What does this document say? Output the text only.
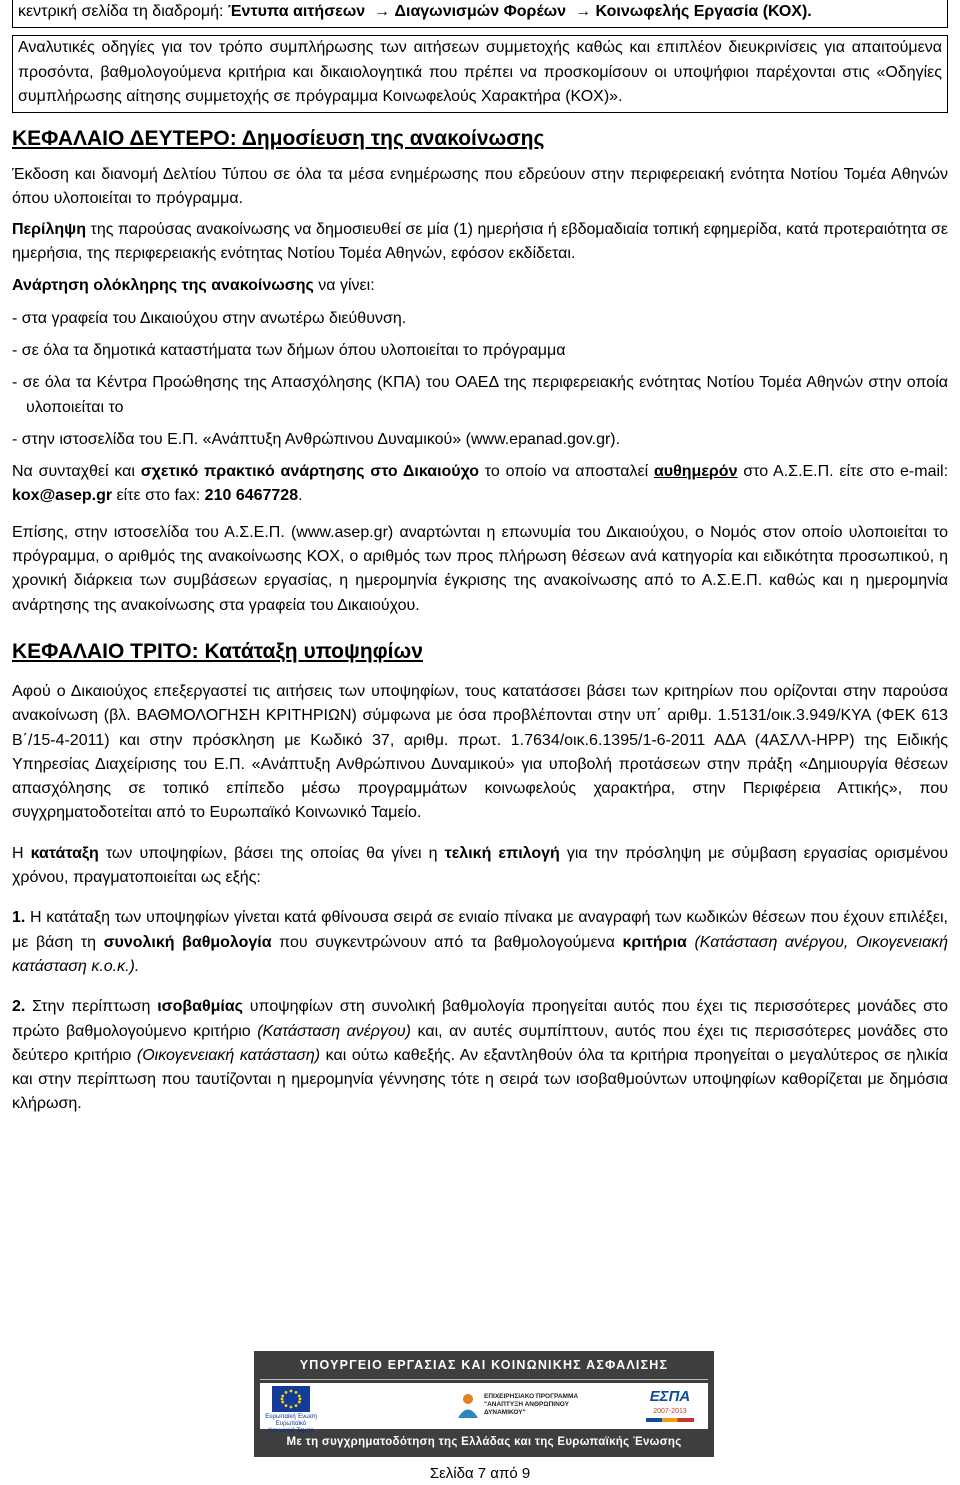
κεντρική σελίδα τη διαδρομή: Έντυπα αιτήσεων → Διαγωνισμών Φορέων → Κοινωφελής Εργασία (ΚΟΧ).

Αναλυτικές οδηγίες για τον τρόπο συμπλήρωσης των αιτήσεων συμμετοχής καθώς και επιπλέον διευκρινίσεις για απαιτούμενα προσόντα, βαθμολογούμενα κριτήρια και δικαιολογητικά που πρέπει να προσκομίσουν οι υποψήφιοι παρέχονται στις «Οδηγίες συμπλήρωσης αίτησης συμμετοχής σε πρόγραμμα Κοινωφελούς Χαρακτήρα (ΚΟΧ)».

ΚΕΦΑΛΑΙΟ ΔΕΥΤΕΡΟ: Δημοσίευση της ανακοίνωσης

Έκδοση και διανομή Δελτίου Τύπου σε όλα τα μέσα ενημέρωσης που εδρεύουν στην περιφερειακή ενότητα Νοτίου Τομέα Αθηνών όπου υλοποιείται το πρόγραμμα.

Περίληψη της παρούσας ανακοίνωσης να δημοσιευθεί σε μία (1) ημερήσια ή εβδομαδιαία τοπική εφημερίδα, κατά προτεραιότητα σε ημερήσια, της περιφερειακής ενότητας Νοτίου Τομέα Αθηνών, εφόσον εκδίδεται.

Ανάρτηση ολόκληρης της ανακοίνωσης να γίνει:

- στα γραφεία του Δικαιούχου στην ανωτέρω διεύθυνση.

- σε όλα τα δημοτικά καταστήματα των δήμων όπου υλοποιείται το πρόγραμμα

- σε όλα τα Κέντρα Προώθησης της Απασχόλησης (ΚΠΑ) του ΟΑΕΔ της περιφερειακής ενότητας Νοτίου Τομέα Αθηνών στην οποία υλοποιείται το

- στην ιστοσελίδα του Ε.Π. «Ανάπτυξη Ανθρώπινου Δυναμικού» (www.epanad.gov.gr).

Να συνταχθεί και σχετικό πρακτικό ανάρτησης στο Δικαιούχο το οποίο να αποσταλεί αυθημερόν στο Α.Σ.Ε.Π. είτε στο e-mail: kox@asep.gr είτε στο fax: 210 6467728.

Επίσης, στην ιστοσελίδα του Α.Σ.Ε.Π. (www.asep.gr) αναρτώνται η επωνυμία του Δικαιούχου, ο Νομός στον οποίο υλοποιείται το πρόγραμμα, ο αριθμός της ανακοίνωσης ΚΟΧ, ο αριθμός των προς πλήρωση θέσεων ανά κατηγορία και ειδικότητα προσωπικού, η χρονική διάρκεια των συμβάσεων εργασίας, η ημερομηνία έγκρισης της ανακοίνωσης από το Α.Σ.Ε.Π. καθώς και η ημερομηνία ανάρτησης της ανακοίνωσης στα γραφεία του Δικαιούχου.

ΚΕΦΑΛΑΙΟ ΤΡΙΤΟ: Κατάταξη υποψηφίων

Αφού ο Δικαιούχος επεξεργαστεί τις αιτήσεις των υποψηφίων, τους κατατάσσει βάσει των κριτηρίων που ορίζονται στην παρούσα ανακοίνωση (βλ. ΒΑΘΜΟΛΟΓΗΣΗ ΚΡΙΤΗΡΙΩΝ) σύμφωνα με όσα προβλέπονται στην υπ΄ αριθμ. 1.5131/οικ.3.949/ΚΥΑ (ΦΕΚ 613 Β΄/15-4-2011) και στην πρόσκληση με Κωδικό 37, αριθμ. πρωτ. 1.7634/οικ.6.1395/1-6-2011 ΑΔΑ (4ΑΣΛΛ-ΗΡΡ) της Ειδικής Υπηρεσίας Διαχείρισης του Ε.Π. «Ανάπτυξη Ανθρώπινου Δυναμικού» για υποβολή προτάσεων στην πράξη «Δημιουργία θέσεων απασχόλησης σε τοπικό επίπεδο μέσω προγραμμάτων κοινωφελούς χαρακτήρα, στην Περιφέρεια Αττικής», που συγχρηματοδοτείται από το Ευρωπαϊκό Κοινωνικό Ταμείο.

Η κατάταξη των υποψηφίων, βάσει της οποίας θα γίνει η τελική επιλογή για την πρόσληψη με σύμβαση εργασίας ορισμένου χρόνου, πραγματοποιείται ως εξής:

1. Η κατάταξη των υποψηφίων γίνεται κατά φθίνουσα σειρά σε ενιαίο πίνακα με αναγραφή των κωδικών θέσεων που έχουν επιλέξει, με βάση τη συνολική βαθμολογία που συγκεντρώνουν από τα βαθμολογούμενα κριτήρια (Κατάσταση ανέργου, Οικογενειακή κατάσταση κ.ο.κ.).

2. Στην περίπτωση ισοβαθμίας υποψηφίων στη συνολική βαθμολογία προηγείται αυτός που έχει τις περισσότερες μονάδες στο πρώτο βαθμολογούμενο κριτήριο (Κατάσταση ανέργου) και, αν αυτές συμπίπτουν, αυτός που έχει τις περισσότερες μονάδες στο δεύτερο κριτήριο (Οικογενειακή κατάσταση) και ούτω καθεξής. Αν εξαντληθούν όλα τα κριτήρια προηγείται ο μεγαλύτερος σε ηλικία και στην περίπτωση που ταυτίζονται η ημερομηνία γέννησης τότε η σειρά των ισοβαθμούντων υποψηφίων καθορίζεται με δημόσια κλήρωση.

ΥΠΟΥΡΓΕΙΟ ΕΡΓΑΣΙΑΣ ΚΑΙ ΚΟΙΝΩΝΙΚΗΣ ΑΣΦΑΛΙΣΗΣ
Ευρωπαϊκή Ένωση
Ευρωπαϊκό Κοινωνικό Ταμείο
ΕΠΙΧΕΙΡΗΣΙΑΚΟ ΠΡΟΓΡΑΜΜΑ
"ΑΝΑΠΤΥΞΗ ΑΝΘΡΩΠΙΝΟΥ ΔΥΝΑΜΙΚΟΥ"
ΕΣΠΑ
2007-2013
Με τη συγχρηματοδότηση της Ελλάδας και της Ευρωπαϊκής Ένωσης
Σελίδα 7 από 9
